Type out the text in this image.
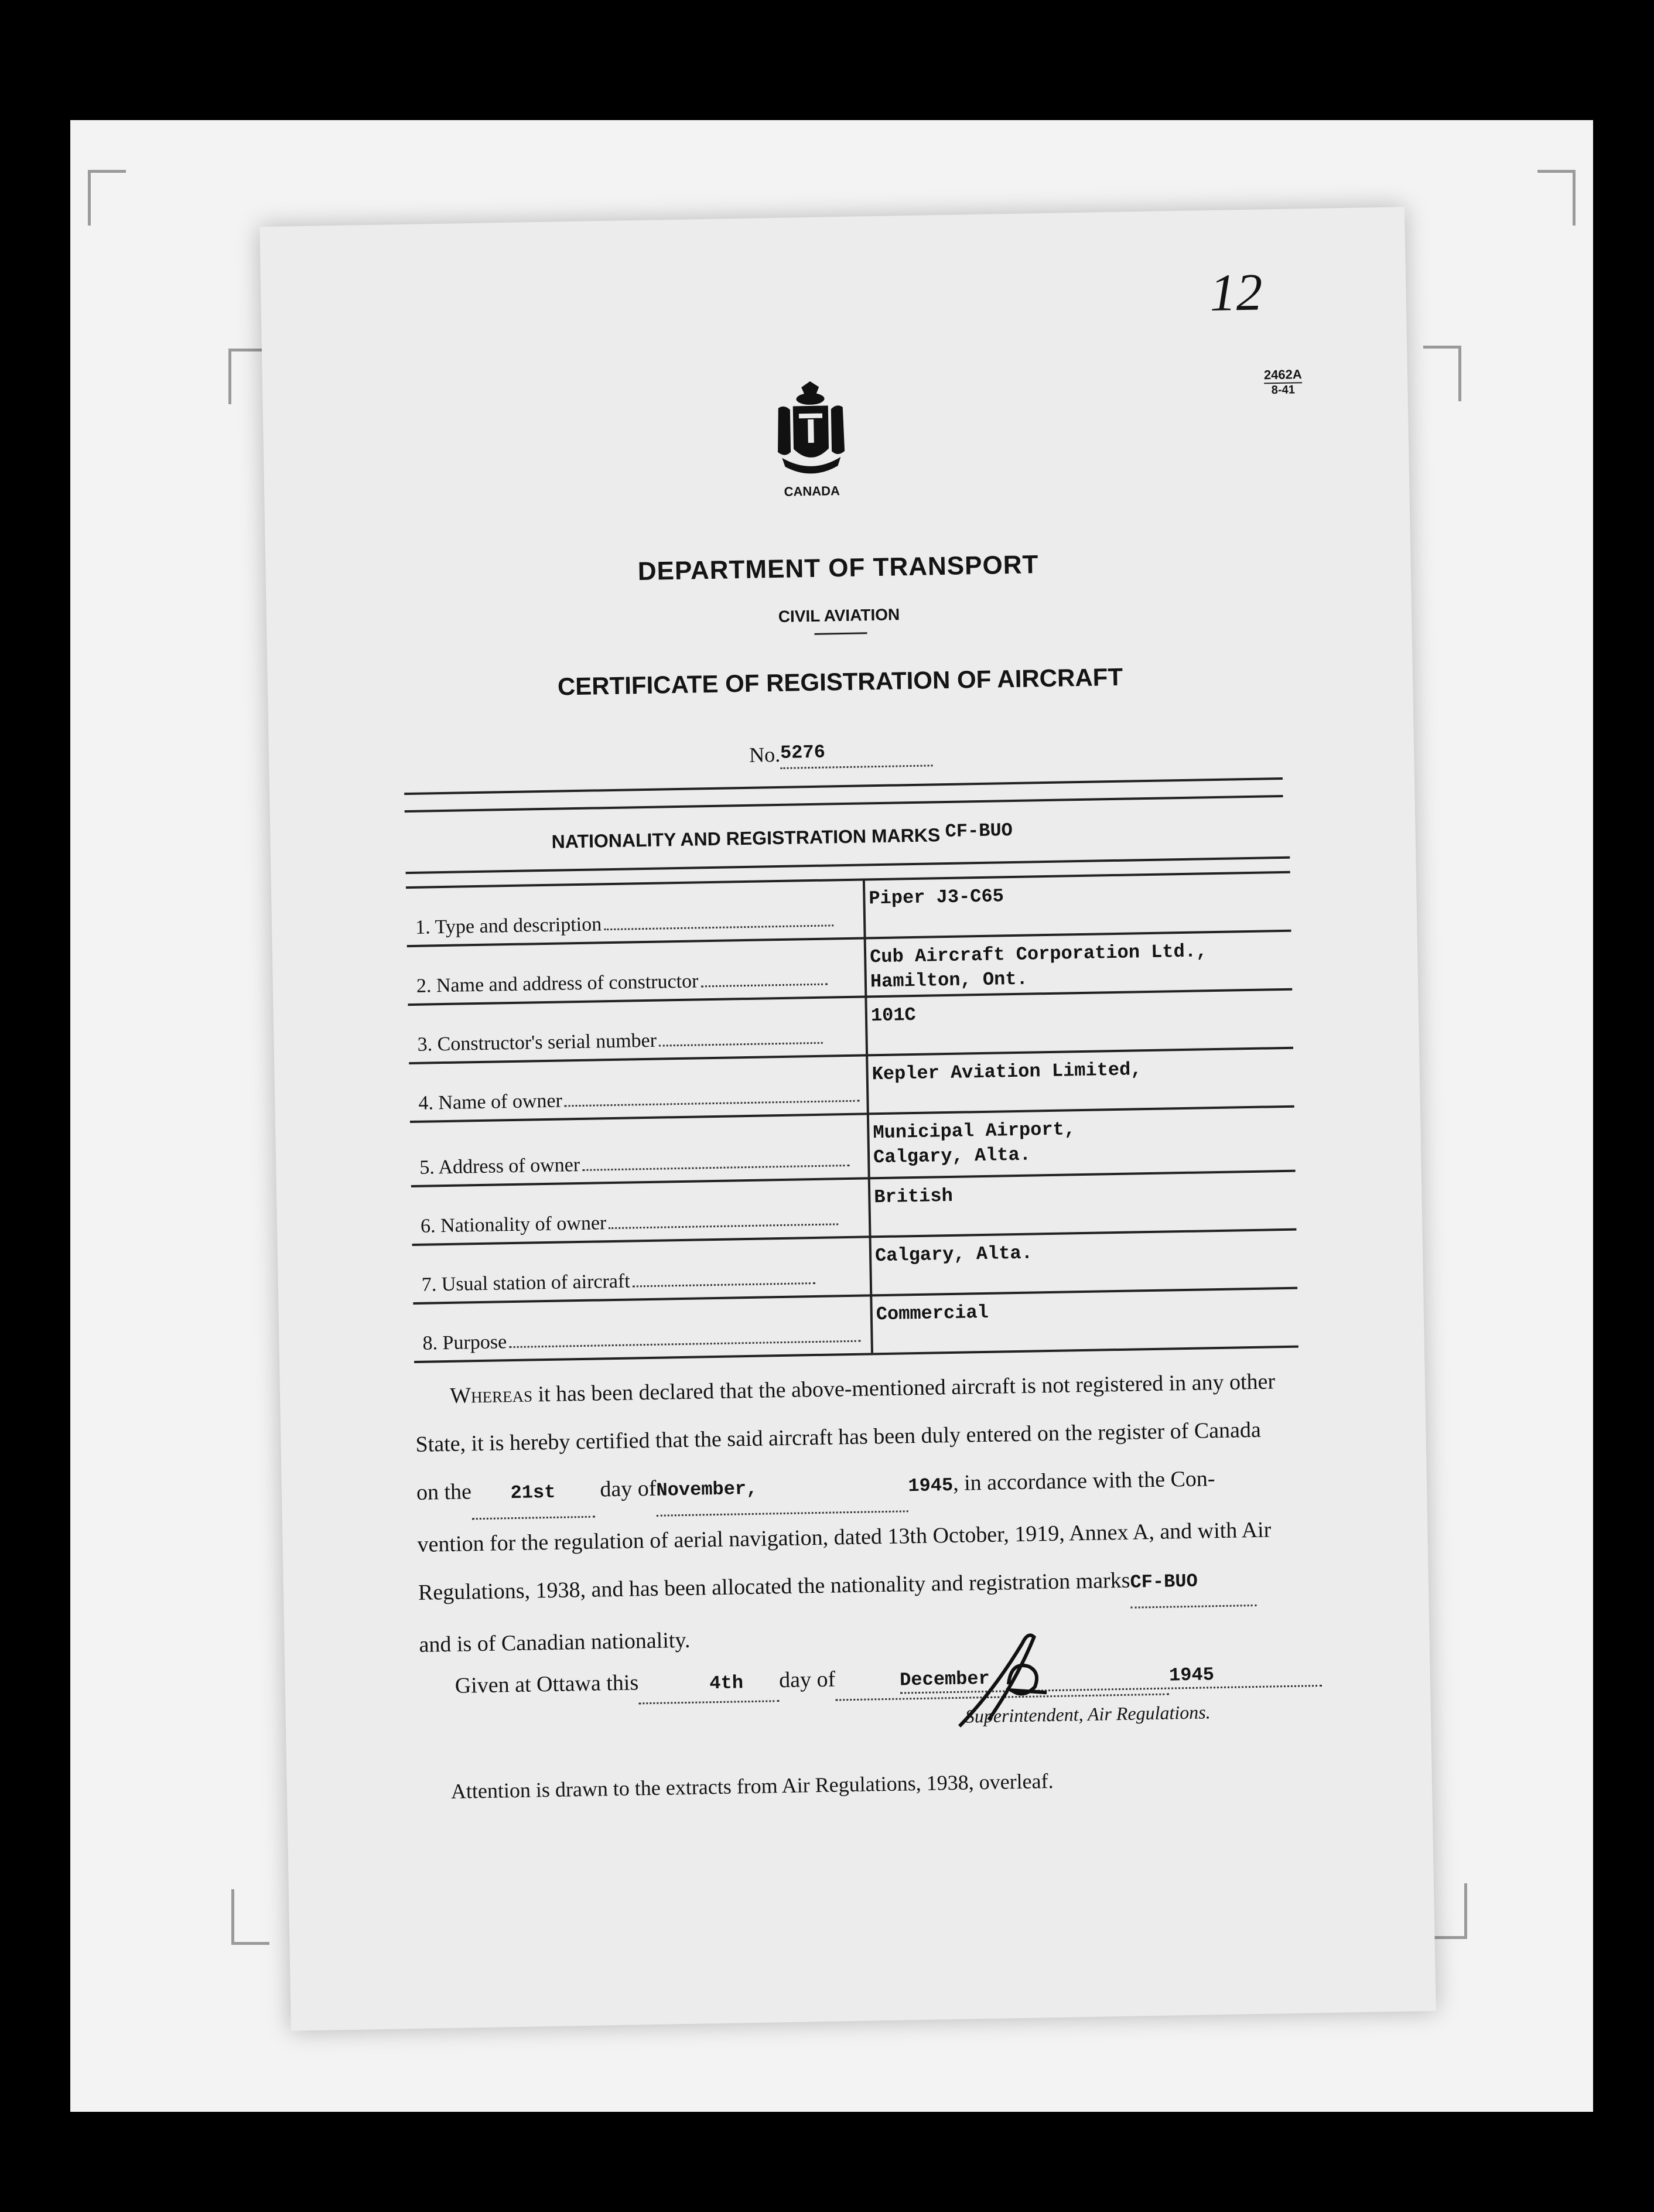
12
2462A
8-41
CANADA
DEPARTMENT OF TRANSPORT
CIVIL AVIATION
CERTIFICATE OF REGISTRATION OF AIRCRAFT
No.5276
NATIONALITY AND REGISTRATION MARKS CF-BUO
1. Type and description
Piper J3-C65
2. Name and address of constructor
Cub Aircraft Corporation Ltd.,
Hamilton, Ont.
3. Constructor's serial number
101C
4. Name of owner
Kepler Aviation Limited,
5. Address of owner
Municipal Airport,
Calgary, Alta.
6. Nationality of owner
British
7. Usual station of aircraft
Calgary, Alta.
8. Purpose
Commercial
Whereas it has been declared that the above-mentioned aircraft is not registered in any other
State, it is hereby certified that the said aircraft has been duly entered on the register of Canada
on the 21st day ofNovember,	1945, in accordance with the Con-
vention for the regulation of aerial navigation, dated 13th October, 1919, Annex A, and with Air
Regulations, 1938, and has been allocated the nationality and registration marksCF-BUO
and is of Canadian nationality.
Given at Ottawa this	4th day of	December	1945
Superintendent, Air Regulations.
Attention is drawn to the extracts from Air Regulations, 1938, overleaf.
